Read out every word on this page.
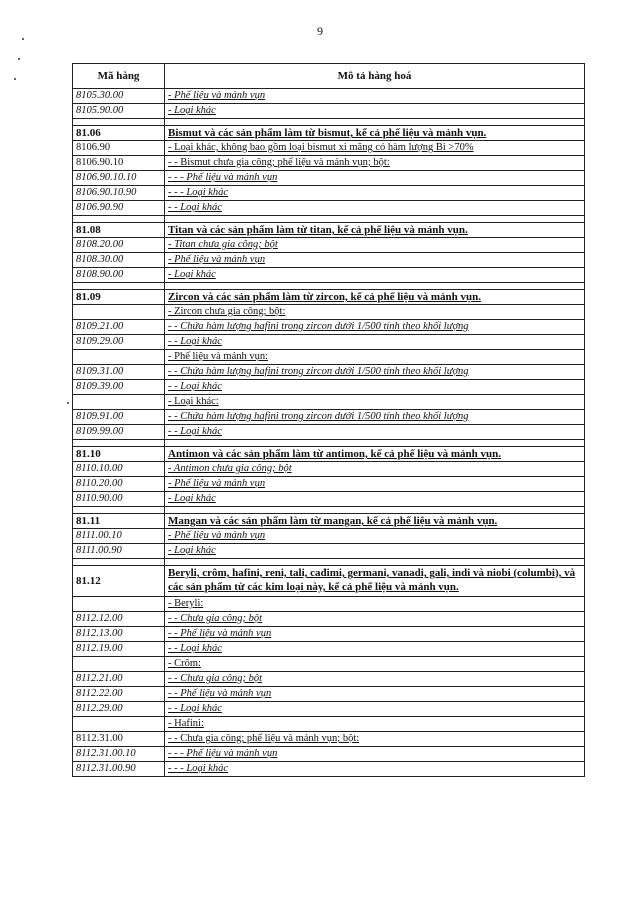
9
Mã hàng	Mô tả hàng hoá
8105.30.00	- Phế liệu và mảnh vụn
8105.90.00	- Loại khác

81.06	Bismut và các sản phẩm làm từ bismut, kể cả phế liệu và mảnh vụn.
8106.90	- Loại khác, không bao gồm loại bismut xi măng có hàm lượng Bi >70%
8106.90.10	- - Bismut chưa gia công; phế liệu và mảnh vụn; bột:
8106.90.10.10	- - - Phế liệu và mảnh vụn
8106.90.10.90	- - - Loại khác
8106.90.90	- - Loại khác

81.08	Titan và các sản phẩm làm từ titan, kể cả phế liệu và mảnh vụn.
8108.20.00	- Titan chưa gia công; bột
8108.30.00	- Phế liệu và mảnh vụn
8108.90.00	- Loại khác

81.09	Zircon và các sản phẩm làm từ zircon, kể cả phế liệu và mảnh vụn.
	- Zircon chưa gia công; bột:
8109.21.00	- - Chứa hàm lượng hafini trong zircon dưới 1/500 tính theo khối lượng
8109.29.00	- - Loại khác
	- Phế liệu và mảnh vụn:
8109.31.00	- - Chứa hàm lượng hafini trong zircon dưới 1/500 tính theo khối lượng
8109.39.00	- - Loại khác
	- Loại khác:
8109.91.00	- - Chứa hàm lượng hafini trong zircon dưới 1/500 tính theo khối lượng
8109.99.00	- - Loại khác

81.10	Antimon và các sản phẩm làm từ antimon, kể cả phế liệu và mảnh vụn.
8110.10.00	- Antimon chưa gia công; bột
8110.20.00	- Phế liệu và mảnh vụn
8110.90.00	- Loại khác

81.11	Mangan và các sản phẩm làm từ mangan, kể cả phế liệu và mảnh vụn.
8111.00.10	- Phế liệu và mảnh vụn
8111.00.90	- Loại khác

81.12	Beryli, crôm, hafini, reni, tali, cađimi, germani, vanadi, gali, indi và niobi (columbi), và các sản phẩm từ các kim loại này, kể cả phế liệu và mảnh vụn.
	- Beryli:
8112.12.00	- - Chưa gia công; bột
8112.13.00	- - Phế liệu và mảnh vụn
8112.19.00	- - Loại khác
	- Crôm:
8112.21.00	- - Chưa gia công; bột
8112.22.00	- - Phế liệu và mảnh vụn
8112.29.00	- - Loại khác
	- Hafini:
8112.31.00	- - Chưa gia công; phế liệu và mảnh vụn; bột:
8112.31.00.10	- - - Phế liệu và mảnh vụn
8112.31.00.90	- - - Loại khác
